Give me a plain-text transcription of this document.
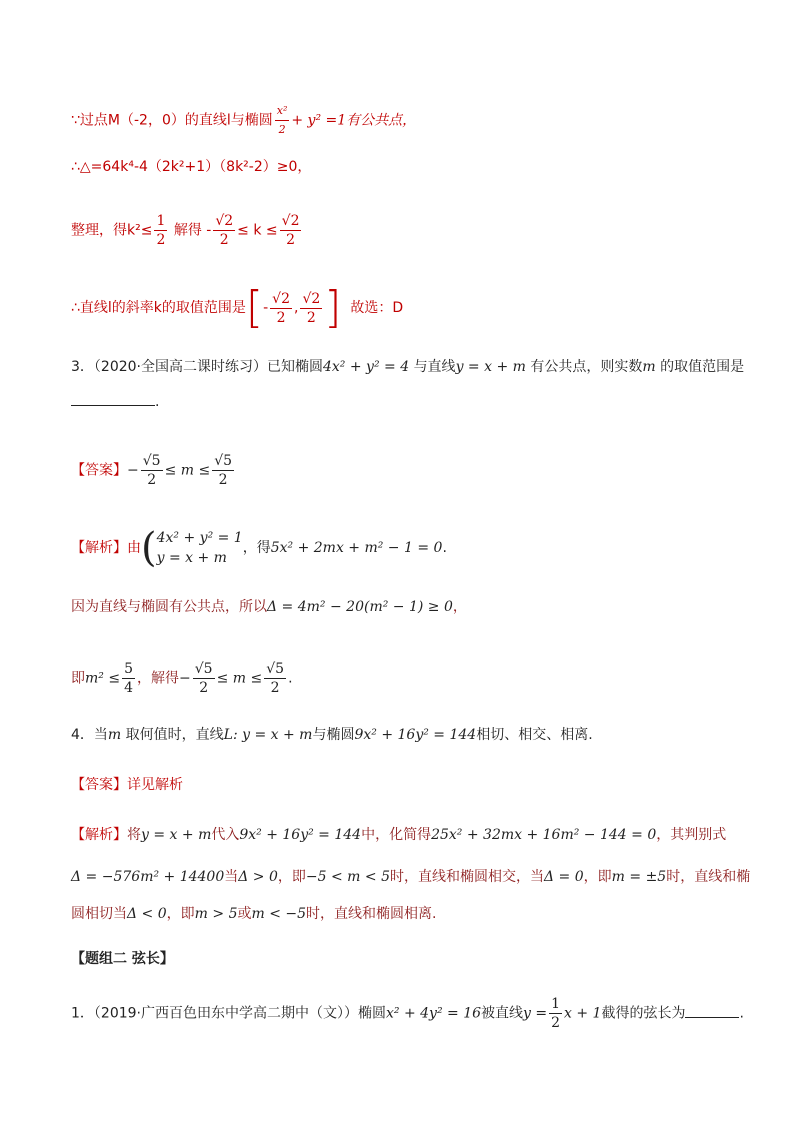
∵过点M（-2，0）的直线l与椭圆 $\frac{\text{x²}}{2} + y^2 =1$有公共点，
∴△=64k⁴-4（2k²+1）（8k²-2）≥0，
整理，得$k^2\le \frac{1}{2}$ 解得 - $\frac{√2}{2} \le k \le \frac{√2}{2}$
∴直线l的斜率k的取值范围是[- $\frac{√2}{2}$ , $\frac{√2}{2}$ ] 故选：D
3．（2020·全国高二课时练习）已知椭圆4x² + y² = 4 与直线y = x + m 有公共点，则实数m 的取值范围是
.
【答案】− $\frac{√5}{2} \le m \le \frac{√5}{2}$
【解析】由( 4x² + y² = 1
y = x + m
，得5x² + 2mx + m² − 1 = 0.
因为直线与椭圆有公共点，所以Δ = 4m² − 20(m² − 1) ≥ 0，
即$m^2 \le \frac{5}{4}$ ，解得− $\frac{√5}{2} \le m \le \frac{√5}{2}$ .
4．当m 取何值时，直线L: y = x + m与椭圆9x² + 16y² = 144相切、相交、相离.
【答案】详见解析
【解析】将y = x + m代入9x² + 16y² = 144中，化简得25x² + 32mx + 16m² − 144 = 0，其判别式
Δ = −576m² + 14400当Δ > 0，即−5 < m < 5时，直线和椭圆相交，当Δ = 0，即m = ±5时，直线和椭
圆相切当Δ < 0，即m > 5或m < −5时，直线和椭圆相离.
【题组二 弦长】
1．（2019·广西百色田东中学高二期中（文））椭圆x² + 4y² = 16被直线$y = \frac{1}{2}$ x + 1截得的弦长为	.
